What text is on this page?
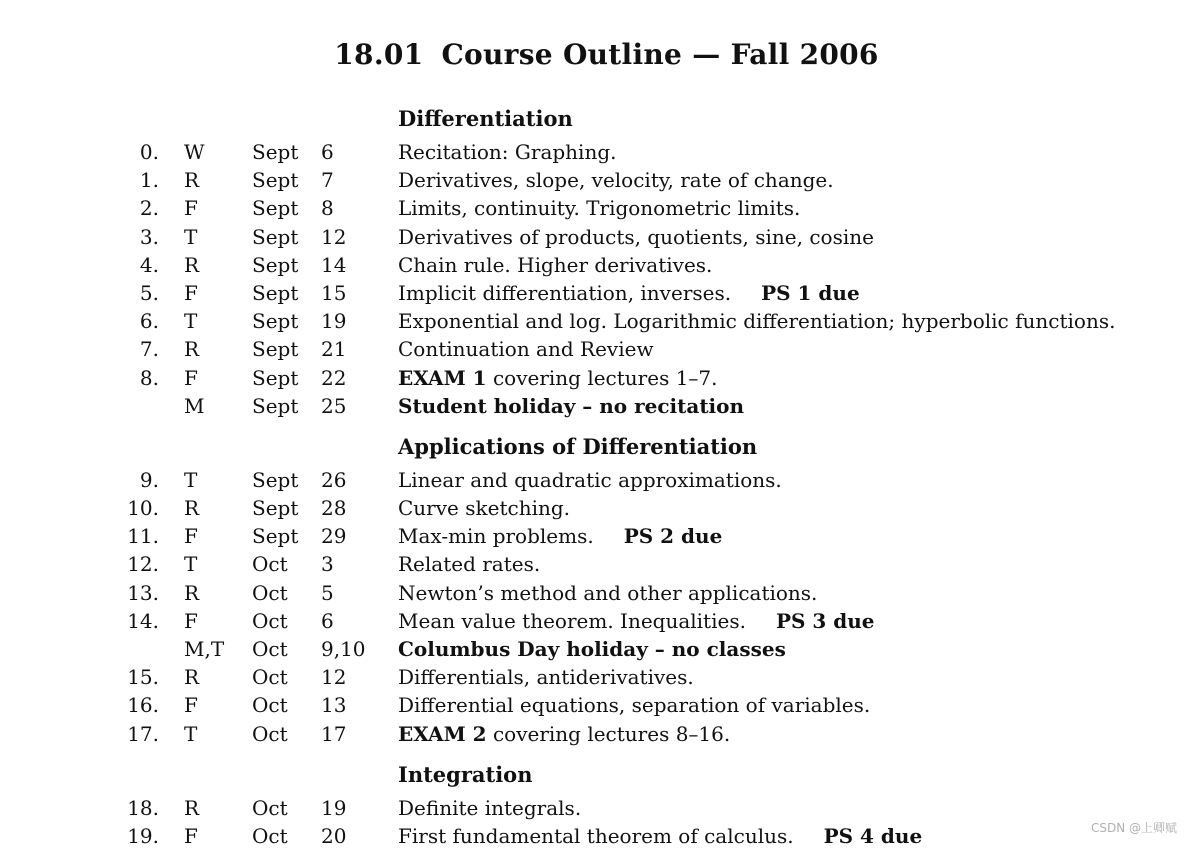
18.01 Course Outline — Fall 2006
Differentiation
0. W Sept 6	Recitation: Graphing.
1. R	Sept 7	Derivatives, slope, velocity, rate of change.
2. F	Sept 8	Limits, continuity. Trigonometric limits.
3. T	Sept 12	Derivatives of products, quotients, sine, cosine
4. R	Sept 14	Chain rule. Higher derivatives.
5. F	Sept 15	Implicit differentiation, inverses. PS 1 due
6. T	Sept 19	Exponential and log. Logarithmic differentiation; hyperbolic functions.
7. R	Sept 21	Continuation and Review
8. F	Sept 22	EXAM 1 covering lectures 1–7.
M Sept 25	Student holiday – no recitation
Applications of Differentiation
9. T	Sept 26	Linear and quadratic approximations.
10. R	Sept 28	Curve sketching.
11. F	Sept 29	Max-min problems. PS 2 due
12. T	Oct 3	Related rates.
13. R	Oct 5	Newton’s method and other applications.
14. F	Oct 6	Mean value theorem. Inequalities. PS 3 due
M,T Oct 9,10 Columbus Day holiday – no classes
15. R	Oct 12	Differentials, antiderivatives.
16. F	Oct 13	Differential equations, separation of variables.
17. T	Oct 17	EXAM 2 covering lectures 8–16.
Integration
18. R	Oct 19	Definite integrals.
19. F	Oct 20	First fundamental theorem of calculus. PS 4 due	CSDN @上卿赋
